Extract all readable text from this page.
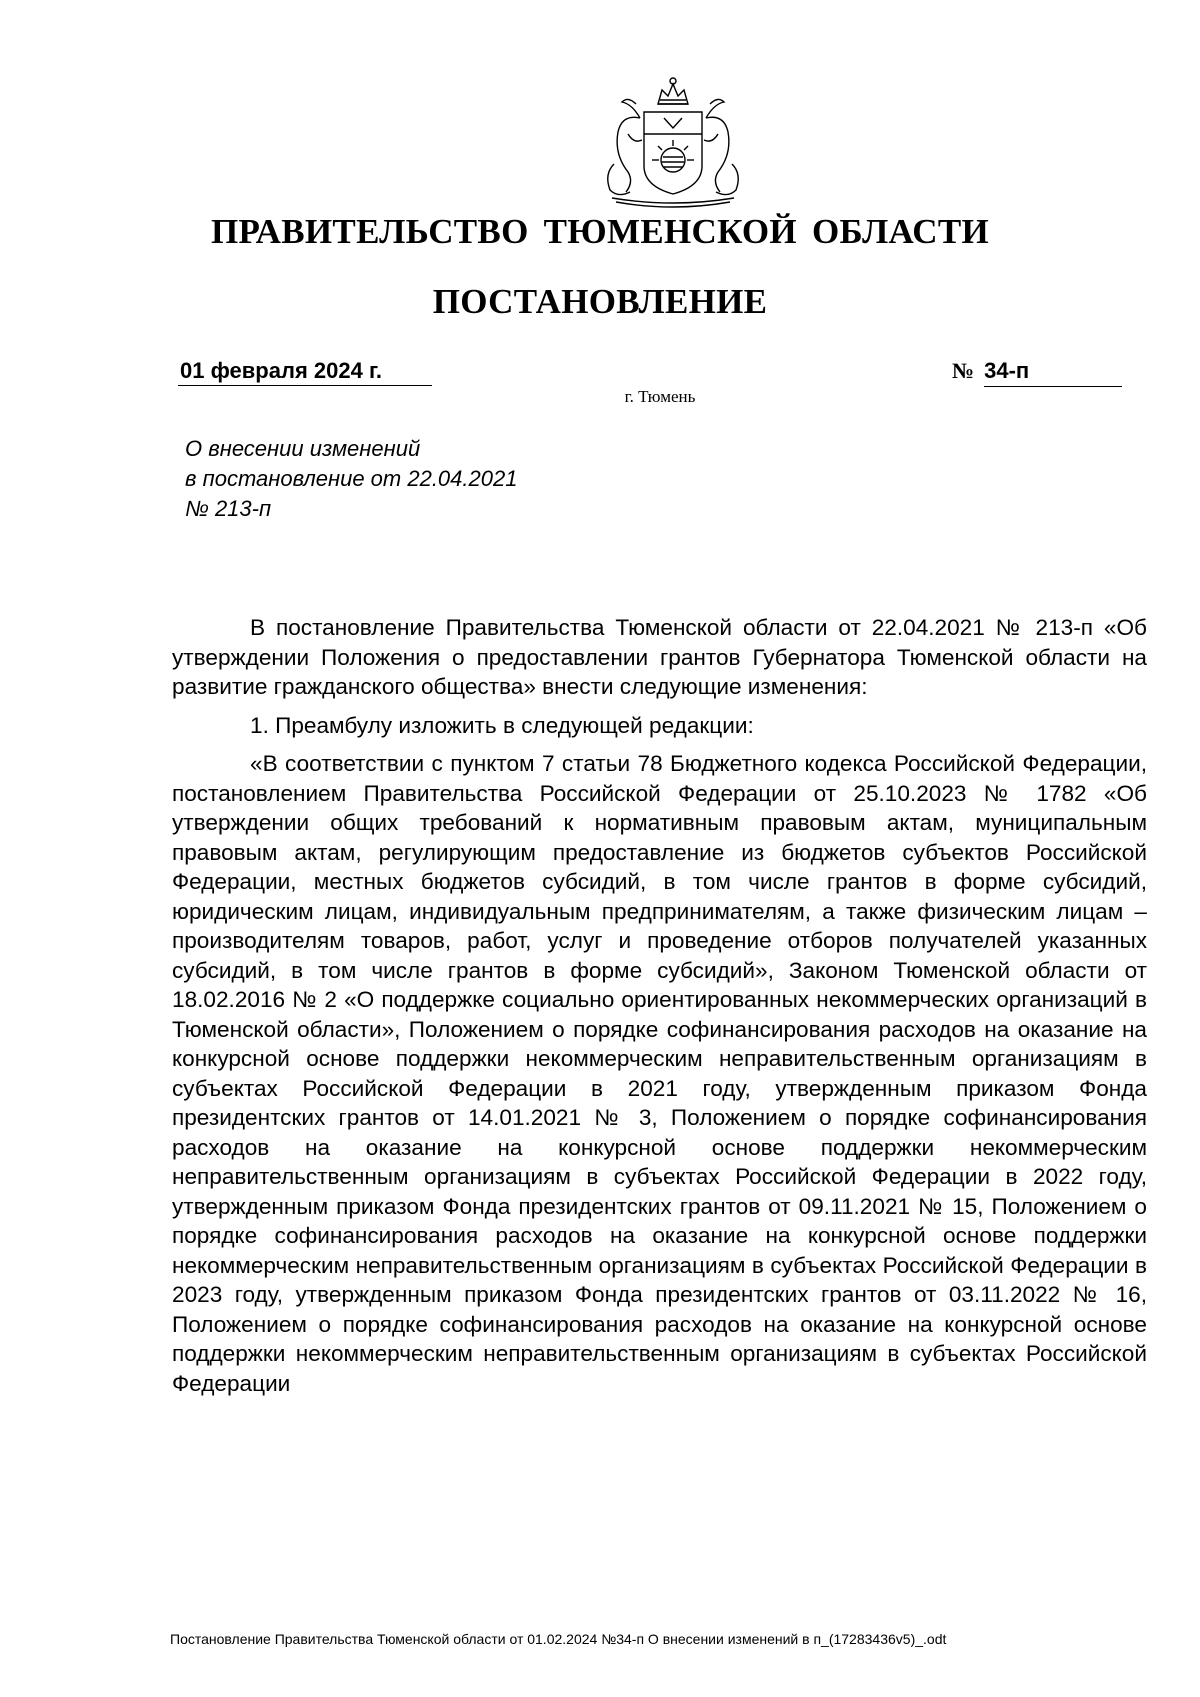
ПРАВИТЕЛЬСТВО ТЮМЕНСКОЙ ОБЛАСТИ
ПОСТАНОВЛЕНИЕ
01 февраля 2024 г.	№ 34-п
г. Тюмень
О внесении изменений
в постановление от 22.04.2021
№ 213-п

В постановление Правительства Тюменской области от 22.04.2021 № 213-п «Об утверждении Положения о предоставлении грантов Губернатора Тюменской области на развитие гражданского общества» внести следующие изменения:

1. Преамбулу изложить в следующей редакции:

«В соответствии с пунктом 7 статьи 78 Бюджетного кодекса Российской Федерации, постановлением Правительства Российской Федерации от 25.10.2023 № 1782 «Об утверждении общих требований к нормативным правовым актам, муниципальным правовым актам, регулирующим предоставление из бюджетов субъектов Российской Федерации, местных бюджетов субсидий, в том числе грантов в форме субсидий, юридическим лицам, индивидуальным предпринимателям, а также физическим лицам – производителям товаров, работ, услуг и проведение отборов получателей указанных субсидий, в том числе грантов в форме субсидий», Законом Тюменской области от 18.02.2016 № 2 «О поддержке социально ориентированных некоммерческих организаций в Тюменской области», Положением о порядке софинансирования расходов на оказание на конкурсной основе поддержки некоммерческим неправительственным организациям в субъектах Российской Федерации в 2021 году, утвержденным приказом Фонда президентских грантов от 14.01.2021 № 3, Положением о порядке софинансирования расходов на оказание на конкурсной основе поддержки некоммерческим неправительственным организациям в субъектах Российской Федерации в 2022 году, утвержденным приказом Фонда президентских грантов от 09.11.2021 № 15, Положением о порядке софинансирования расходов на оказание на конкурсной основе поддержки некоммерческим неправительственным организациям в субъектах Российской Федерации в 2023 году, утвержденным приказом Фонда президентских грантов от 03.11.2022 № 16, Положением о порядке софинансирования расходов на оказание на конкурсной основе поддержки некоммерческим неправительственным организациям в субъектах Российской Федерации

Постановление Правительства Тюменской области от 01.02.2024 №34-п О внесении изменений в п_(17283436v5)_.odt
